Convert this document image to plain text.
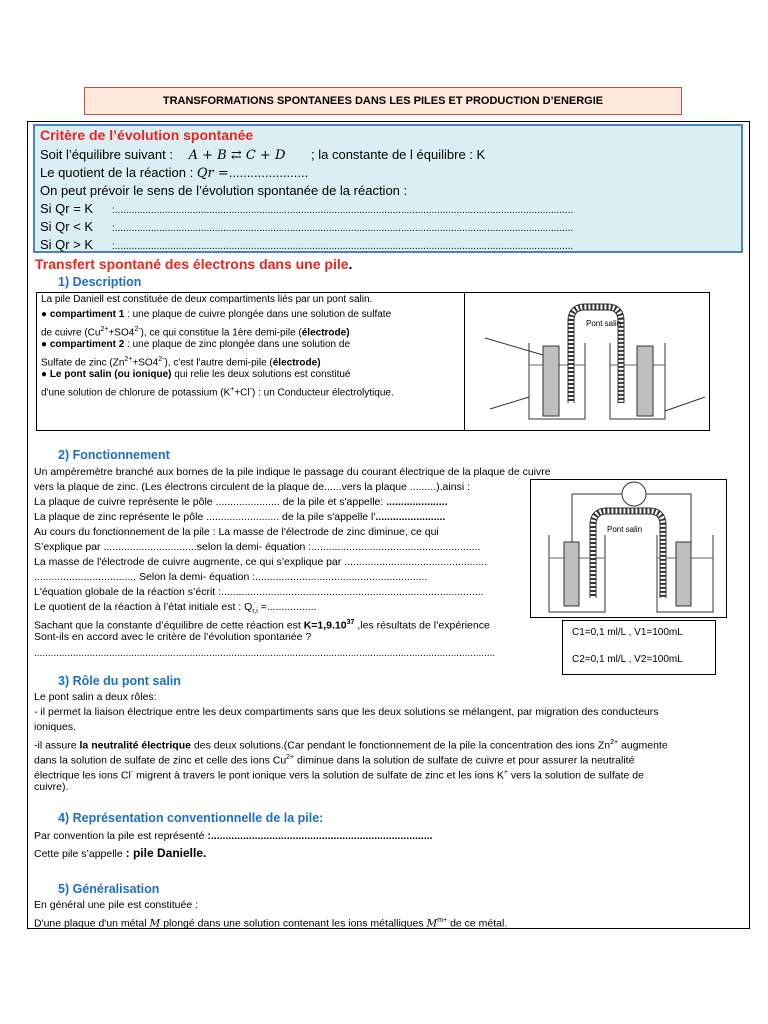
TRANSFORMATIONS SPONTANEES DANS LES PILES ET PRODUCTION D’ENERGIE
Critère de l’évolution spontanée
Soit l’équilibre suivant : A + B ⇄ C + D ; la constante de l équilibre : K
Le quotient de la réaction : Qr =......................
On peut prévoir le sens de l’évolution spontanée de la réaction :
Si Qr = K :.....................................................................................................................................................................
Si Qr < K :.....................................................................................................................................................................
Si Qr > K :.....................................................................................................................................................................
Transfert spontané des électrons dans une pile.
1) Description
La pile Daniell est constituée de deux compartiments liés par un pont salin.
● compartiment 1 : une plaque de cuivre plongée dans une solution de sulfate
de cuivre $(Cu^{2+}+SO4^{2-})$, ce qui constitue la 1ère demi-pile (électrode)
● compartiment 2 : une plaque de zinc plongée dans une solution de
Sulfate de zinc $(Zn^{2+}+SO4^{2-})$, c'est l'autre demi-pile (électrode)
● Le pont salin (ou ionique) qui relie les deux solutions est constitué
d'une solution de chlorure de potassium (K++Cl-) : un Conducteur électrolytique.
Pont salin
2) Fonctionnement
Un ampèremètre branché aux bornes de la pile indique le passage du courant électrique de la plaque de cuivre
vers la plaque de zinc. (Les électrons circulent de la plaque de......vers la plaque .........).ainsi :
La plaque de cuivre représente le pôle ...................... de la pile et s'appelle: .....................
La plaque de zinc représente le pôle ......................... de la pile s'appelle l'........................
Au cours du fonctionnement de la pile : La masse de l'électrode de zinc diminue, ce qui
S’explique par ................................selon la demi- équation :..........................................................
La masse de l'électrode de cuivre augmente, ce qui s’explique par .................................................
................................... Selon la demi- équation :...........................................................
L'équation globale de la réaction s’écrit :..........................................................................................
Le quotient de la réaction à l’état initiale est : $Q_{r,i}$ =.................
Sachant que la constante d’équilibre de cette réaction est $K=1,9.10^{37}$ ,les résultats de l’expérience
Sont-ils en accord avec le critère de l’évolution spontanée ?
......................................................................................................................................................................
Pont salin
C1=0,1 ml/L , V1=100mL
C2=0,1 ml/L , V2=100mL
3) Rôle du pont salin
Le pont salin a deux rôles:
- il permet la liaison électrique entre les deux compartiments sans que les deux solutions se mélangent, par migration des conducteurs
ioniques.
-il assure la neutralité électrique des deux solutions.(Car pendant le fonctionnement de la pile la concentration des ions $Zn^{2+}$ augmente
dans la solution de sulfate de zinc et celle des ions $Cu^{2+}$ diminue dans la solution de sulfate de cuivre et pour assurer la neutralité
électrique les ions Cl- migrent à travers le pont ionique vers la solution de sulfate de zinc et les ions K+ vers la solution de sulfate de
cuivre).
4) Représentation conventionnelle de la pile:
Par convention la pile est représenté :............................................................................
Cette pile s’appelle : pile Danielle.
5) Généralisation
En général une pile est constituée :
D'une plaque d'un métal M plongé dans une solution contenant les ions métalliques $M^{m+}$ de ce métal.
